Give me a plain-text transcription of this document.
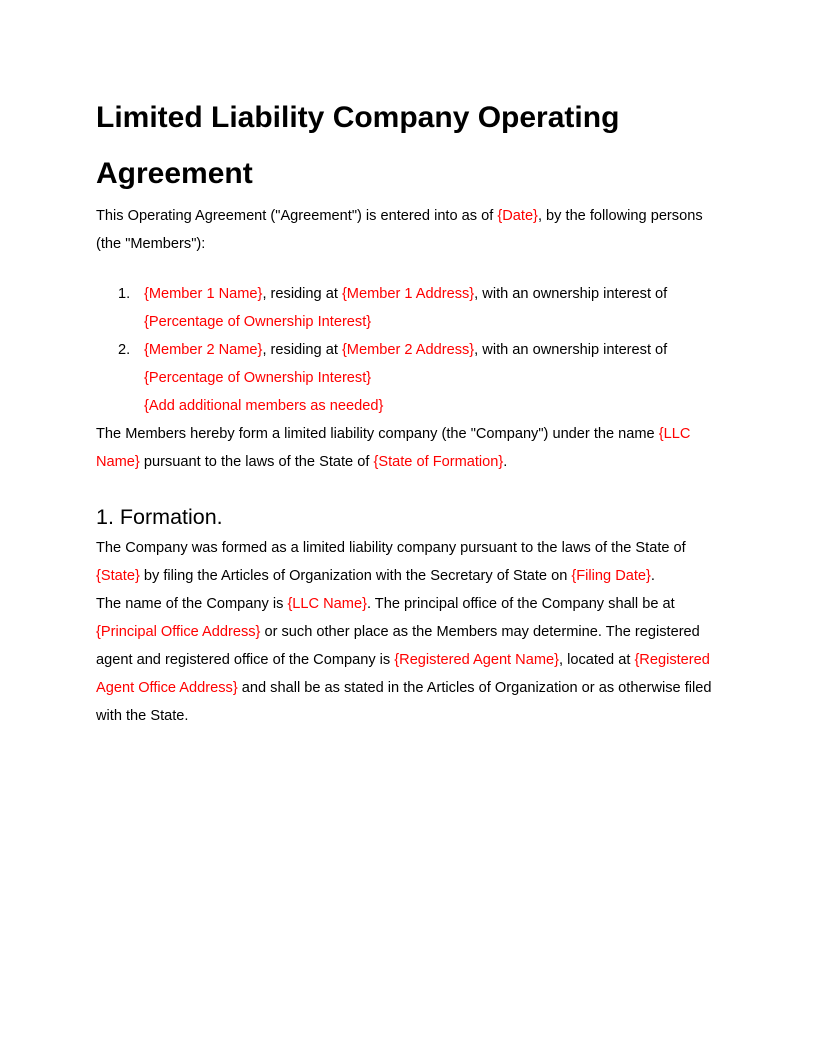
Limited Liability Company Operating Agreement

This Operating Agreement ("Agreement") is entered into as of {Date}, by the following persons (the "Members"):

1. {Member 1 Name}, residing at {Member 1 Address}, with an ownership interest of
{Percentage of Ownership Interest}
2. {Member 2 Name}, residing at {Member 2 Address}, with an ownership interest of
{Percentage of Ownership Interest}
{Add additional members as needed}

The Members hereby form a limited liability company (the "Company") under the name {LLC Name} pursuant to the laws of the State of {State of Formation}.

1. Formation.

The Company was formed as a limited liability company pursuant to the laws of the State of {State} by filing the Articles of Organization with the Secretary of State on {Filing Date}.

The name of the Company is {LLC Name}. The principal office of the Company shall be at {Principal Office Address} or such other place as the Members may determine. The registered agent and registered office of the Company is {Registered Agent Name}, located at {Registered Agent Office Address} and shall be as stated in the Articles of Organization or as otherwise filed with the State.
